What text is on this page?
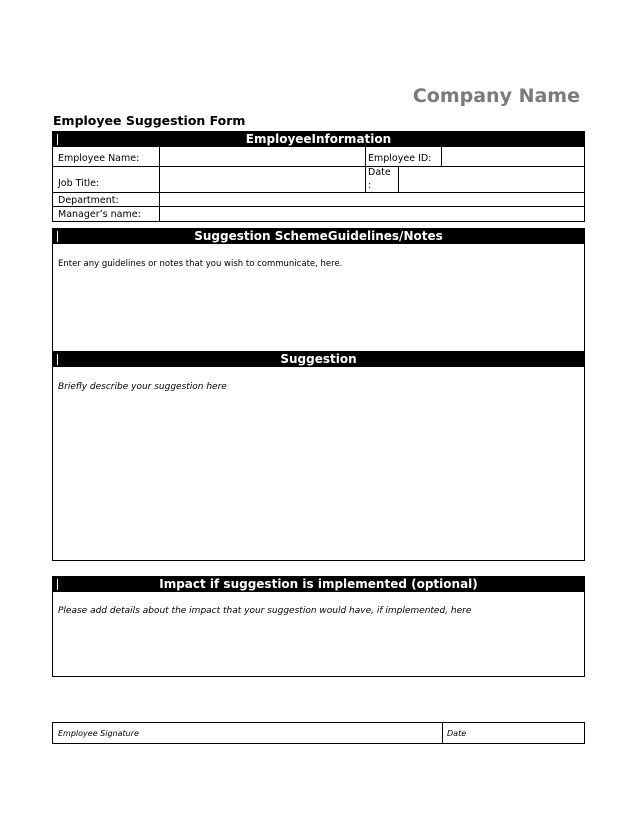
Company Name
Employee Suggestion Form
EmployeeInformation
Employee Name:	Employee ID:
Job Title:
Date
:
Department:
Manager’s name:
Suggestion SchemeGuidelines/Notes
Enter any guidelines or notes that you wish to communicate, here.
Suggestion
Briefly describe your suggestion here
Impact if suggestion is implemented (optional)
Please add details about the impact that your suggestion would have, if implemented, here
Employee Signature	Date
